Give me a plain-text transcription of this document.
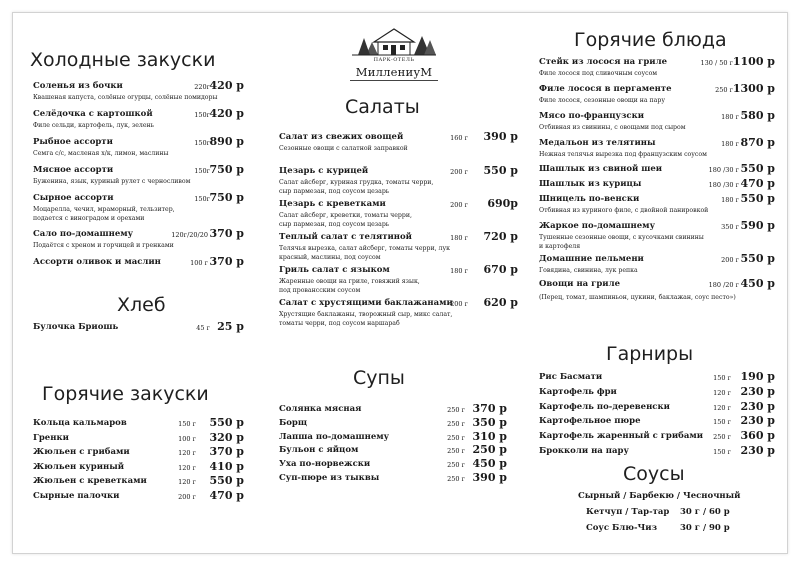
ПАРК-ОТЕЛЬ
МиллениуМ
Холодные закуски
Соленья из бочки	220г 420 р
Квашеная капуста, солёные огурцы, солёные помидоры
Селёдочка с картошкой	150г 420 р
Филе сельди, картофель, лук, зелень
Рыбное ассорти	150г 890 р
Семга с/с, масленая х/к, лимон, маслины
Мясное ассорти	150г 750 р
Буженина, язык, куриный рулет с черносливом
Сырное ассорти	150г 750 р
Моцарелла, чечил, мраморный, тельзитер,
подается с виноградом и орехами
Сало по-домашнему	120г/20/20 370 р
Подаётся с хреном и горчицей и гренками
Ассорти оливок и маслин	100 г 370 р
Хлеб
Булочка Бриошь	45 г 25 р
Горячие закуски
Кольца кальмаров	150 г 550 р
Гренки	100 г 320 р
Жюльен с грибами	120 г 370 р
Жюльен куриный	120 г 410 р
Жюльен с креветками	120 г 550 р
Сырные палочки	200 г 470 р
Салаты
Салат из свежих овощей	160 г 390 р
Сезонные овощи с салатной заправкой
Цезарь с курицей	200 г 550 р
Салат айсберг, куриная грудка, томаты черри,
сыр пармезан, под соусом цезарь
Цезарь с креветками	200 г 690р
Салат айсберг, креветки, томаты черри,
сыр пармезан, под соусом цезарь
Теплый салат с телятиной	180 г 720 р
Телячья вырезка, салат айсберг, томаты черри, лук
красный, маслины, под соусом
Гриль салат с языком	180 г 670 р
Жаренные овощи на гриле, говяжий язык,
под провансским соусом
Салат с хрустящими баклажанами
200 г 620 р
Хрустящие баклажаны, творожный сыр, микс салат,
томаты черри, под соусом наршараб
Супы
Солянка мясная	250 г 370 р
Борщ	250 г 350 р
Лапша по-домашнему	250 г 310 р
Бульон с яйцом	250 г 250 р
Уха по-норвежски	250 г 450 р
Суп-пюре из тыквы	250 г 390 р
Горячие блюда
Стейк из лосося на гриле	130 / 50 г 1100 р
Филе лосося под сливочным соусом
Филе лосося в пергаменте	250 г 1300 р
Филе лосося, сезонные овощи на пару
Мясо по-французски	180 г 580 р
Отбивная из свинины, с овощами под сыром
Медальон из телятины	180 г 870 р
Нежная телячья вырезка под французским соусом
Шашлык из свиной шеи	180 /30 г 550 р
Шашлык из курицы	180 /30 г 470 р
Шницель по-венски	180 г 550 р
Отбивная из куриного филе, с двойной панировкой
Жаркое по-домашнему	350 г 590 р
Тушенные сезонные овощи, с кусочками свинины
и картофеля
Домашние пельмени	200 г 550 р
Говядина, свинина, лук репка
Овощи на гриле	180 /20 г 450 р
(Перец, томат, шампиньон, цукини, баклажан, соус песто»)
Гарниры
Рис Басмати	150 г 190 р
Картофель фри	120 г 230 р
Картофель по-деревенски	120 г 230 р
Картофельное пюре	150 г 230 р
Картофель жаренный с грибами 250 г 360 р
Брокколи на пару	150 г 230 р
Соусы
Сырный / Барбекю / Чесночный
Кетчуп / Тар-тар 30 г / 60 р
Соус Блю-Чиз	30 г / 90 р
